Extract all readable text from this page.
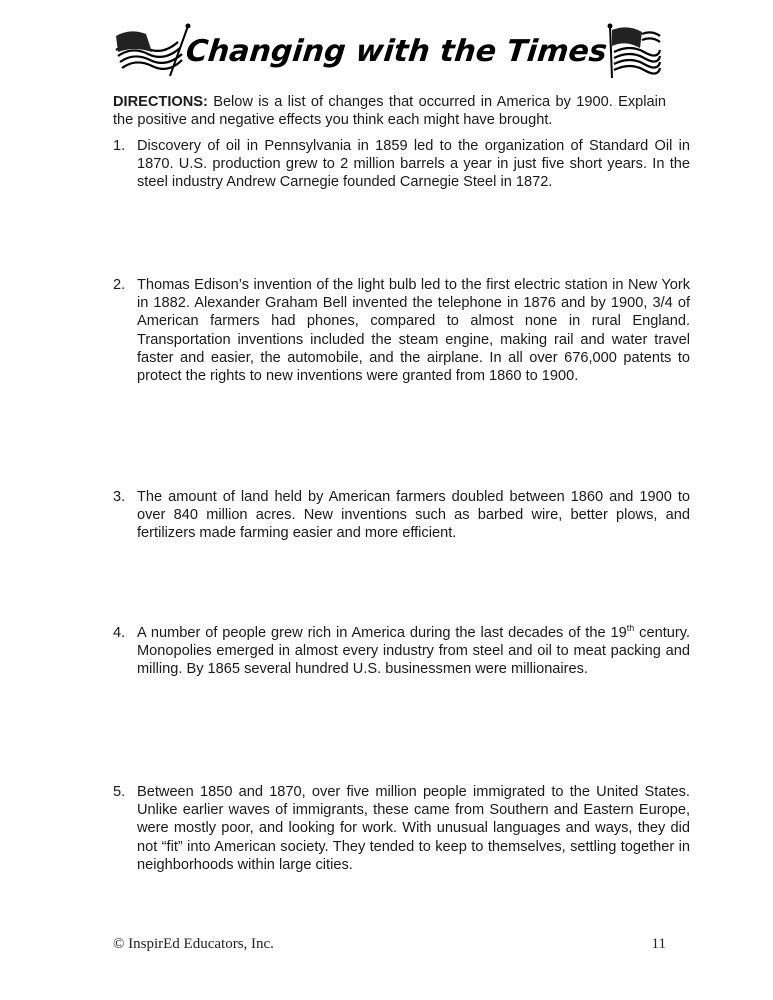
Changing with the Times

DIRECTIONS: Below is a list of changes that occurred in America by 1900. Explain the positive and negative effects you think each might have brought.

1. Discovery of oil in Pennsylvania in 1859 led to the organization of Standard Oil in 1870. U.S. production grew to 2 million barrels a year in just five short years. In the steel industry Andrew Carnegie founded Carnegie Steel in 1872.
2. Thomas Edison’s invention of the light bulb led to the first electric station in New York in 1882. Alexander Graham Bell invented the telephone in 1876 and by 1900, 3/4 of American farmers had phones, compared to almost none in rural England. Transportation inventions included the steam engine, making rail and water travel faster and easier, the automobile, and the airplane. In all over 676,000 patents to protect the rights to new inventions were granted from 1860 to 1900.
3. The amount of land held by American farmers doubled between 1860 and 1900 to over 840 million acres. New inventions such as barbed wire, better plows, and fertilizers made farming easier and more efficient.
4. A number of people grew rich in America during the last decades of the 19th century. Monopolies emerged in almost every industry from steel and oil to meat packing and milling. By 1865 several hundred U.S. businessmen were millionaires.
5. Between 1850 and 1870, over five million people immigrated to the United States. Unlike earlier waves of immigrants, these came from Southern and Eastern Europe, were mostly poor, and looking for work. With unusual languages and ways, they did not “fit” into American society. They tended to keep to themselves, settling together in neighborhoods within large cities.
© InspirEd Educators, Inc.	11
